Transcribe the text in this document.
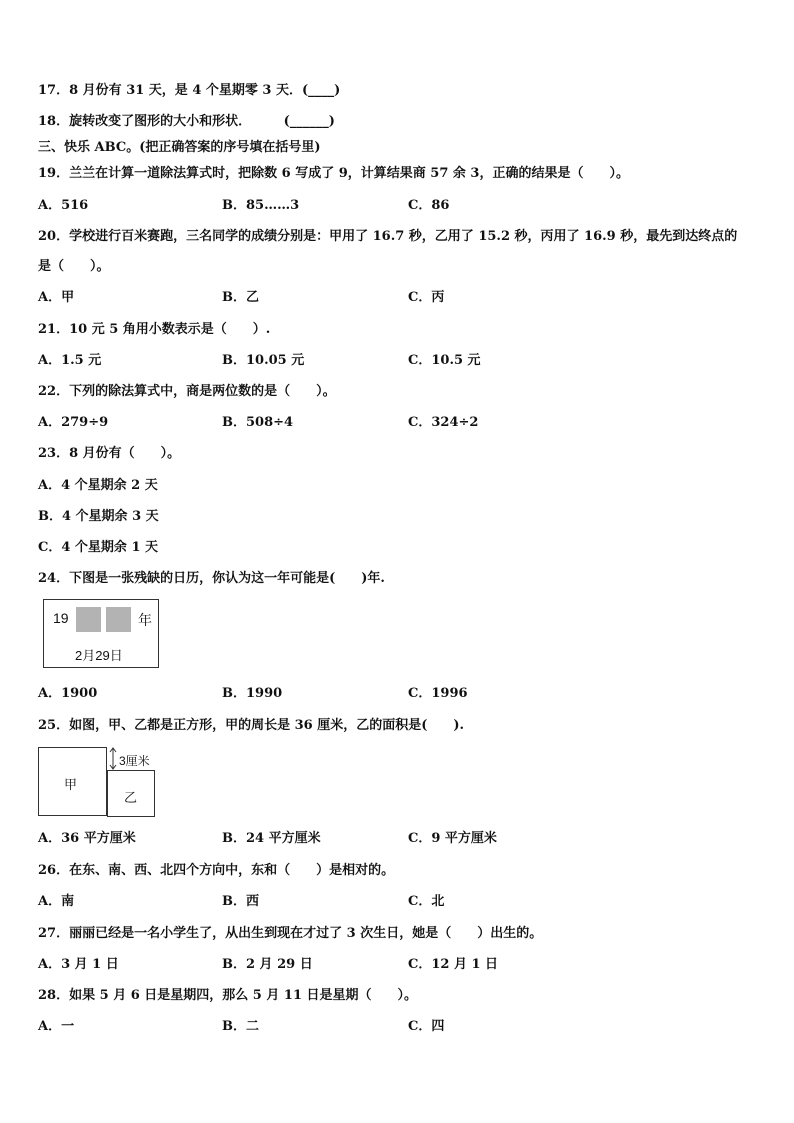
17．8 月份有 31 天，是 4 个星期零 3 天．(____)
18．旋转改变了图形的大小和形状．　　　(______)
三、快乐 ABC。(把正确答案的序号填在括号里)
19．兰兰在计算一道除法算式时，把除数 6 写成了 9，计算结果商 57 余 3，正确的结果是（　　）。
A．516	B．85……3	C．86
20．学校进行百米赛跑，三名同学的成绩分别是：甲用了 16.7 秒，乙用了 15.2 秒，丙用了 16.9 秒，最先到达终点的
是（　　）。
A．甲	B．乙	C．丙
21．10 元 5 角用小数表示是（　　）.
A．1.5 元	B．10.05 元	C．10.5 元
22．下列的除法算式中，商是两位数的是（　　）。
A．279÷9	B．508÷4	C．324÷2
23．8 月份有（　　）。
A．4 个星期余 2 天
B．4 个星期余 3 天
C．4 个星期余 1 天
24．下图是一张残缺的日历，你认为这一年可能是(　　)年.
19	年
2月29日
A．1900	B．1990	C．1996
25．如图，甲、乙都是正方形，甲的周长是 36 厘米，乙的面积是(　　).
甲
乙
3厘米
A．36 平方厘米	B．24 平方厘米	C．9 平方厘米
26．在东、南、西、北四个方向中，东和（　　）是相对的。
A．南	B．西	C．北
27．丽丽已经是一名小学生了，从出生到现在才过了 3 次生日，她是（　　）出生的。
A．3 月 1 日	B．2 月 29 日	C．12 月 1 日
28．如果 5 月 6 日是星期四，那么 5 月 11 日是星期（　　）。
A．一	B．二	C．四
